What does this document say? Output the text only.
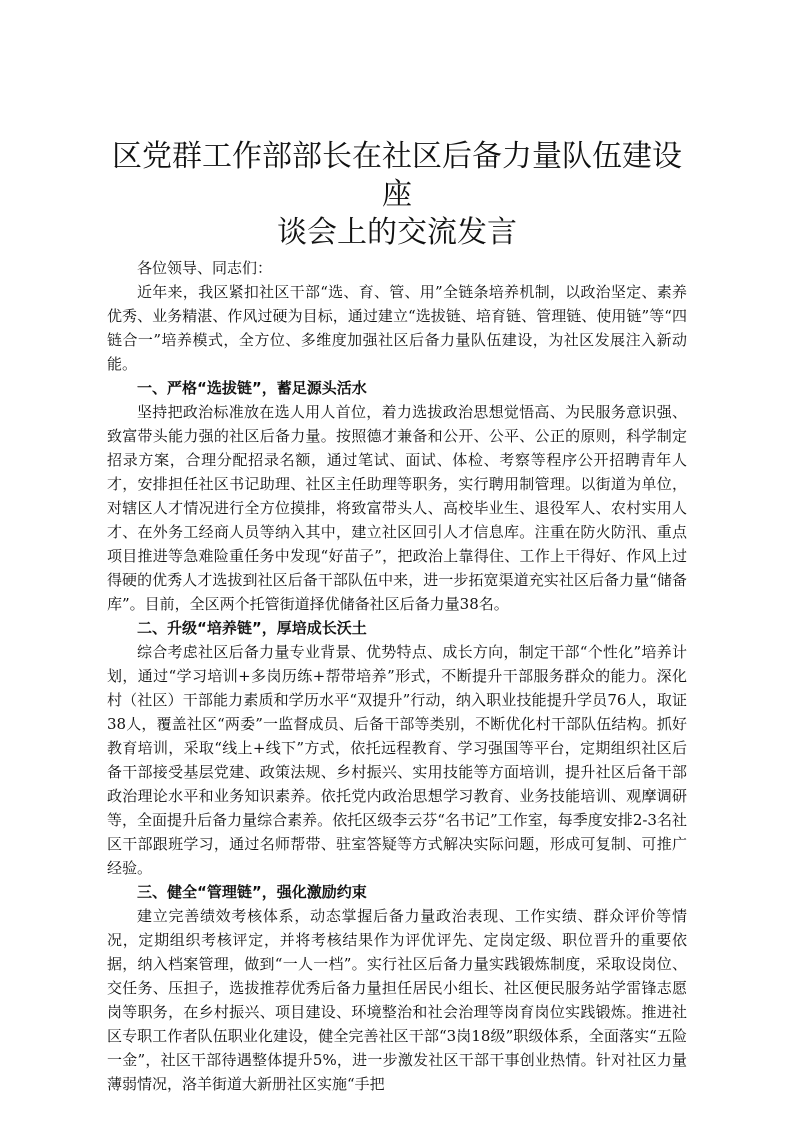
区党群工作部部长在社区后备力量队伍建设座
谈会上的交流发言

各位领导、同志们：

近年来，我区紧扣社区干部“选、育、管、用”全链条培养机制，以政治坚定、素养优秀、业务精湛、作风过硬为目标，通过建立“选拔链、培育链、管理链、使用链”等“四链合一”培养模式，全方位、多维度加强社区后备力量队伍建设，为社区发展注入新动能。

一、严格“选拔链”，蓄足源头活水

坚持把政治标准放在选人用人首位，着力选拔政治思想觉悟高、为民服务意识强、致富带头能力强的社区后备力量。按照德才兼备和公开、公平、公正的原则，科学制定招录方案，合理分配招录名额，通过笔试、面试、体检、考察等程序公开招聘青年人才，安排担任社区书记助理、社区主任助理等职务，实行聘用制管理。以街道为单位，对辖区人才情况进行全方位摸排，将致富带头人、高校毕业生、退役军人、农村实用人才、在外务工经商人员等纳入其中，建立社区回引人才信息库。注重在防火防汛、重点项目推进等急难险重任务中发现“好苗子”，把政治上靠得住、工作上干得好、作风上过得硬的优秀人才选拔到社区后备干部队伍中来，进一步拓宽渠道充实社区后备力量“储备库”。目前，全区两个托管街道择优储备社区后备力量38名。

二、升级“培养链”，厚培成长沃土

综合考虑社区后备力量专业背景、优势特点、成长方向，制定干部“个性化”培养计划，通过“学习培训+多岗历练+帮带培养”形式，不断提升干部服务群众的能力。深化村（社区）干部能力素质和学历水平“双提升”行动，纳入职业技能提升学员76人，取证38人，覆盖社区“两委”一监督成员、后备干部等类别，不断优化村干部队伍结构。抓好教育培训，采取“线上+线下”方式，依托远程教育、学习强国等平台，定期组织社区后备干部接受基层党建、政策法规、乡村振兴、实用技能等方面培训，提升社区后备干部政治理论水平和业务知识素养。依托党内政治思想学习教育、业务技能培训、观摩调研等，全面提升后备力量综合素养。依托区级李云芬“名书记”工作室，每季度安排2-3名社区干部跟班学习，通过名师帮带、驻室答疑等方式解决实际问题，形成可复制、可推广经验。

三、健全“管理链”，强化激励约束

建立完善绩效考核体系，动态掌握后备力量政治表现、工作实绩、群众评价等情况，定期组织考核评定，并将考核结果作为评优评先、定岗定级、职位晋升的重要依据，纳入档案管理，做到“一人一档”。实行社区后备力量实践锻炼制度，采取设岗位、交任务、压担子，选拔推荐优秀后备力量担任居民小组长、社区便民服务站学雷锋志愿岗等职务，在乡村振兴、项目建设、环境整治和社会治理等岗育岗位实践锻炼。推进社区专职工作者队伍职业化建设，健全完善社区干部“3岗18级”职级体系，全面落实“五险一金”，社区干部待遇整体提升5%，进一步激发社区干部干事创业热情。针对社区力量薄弱情况，洛羊街道大新册社区实施“手把
